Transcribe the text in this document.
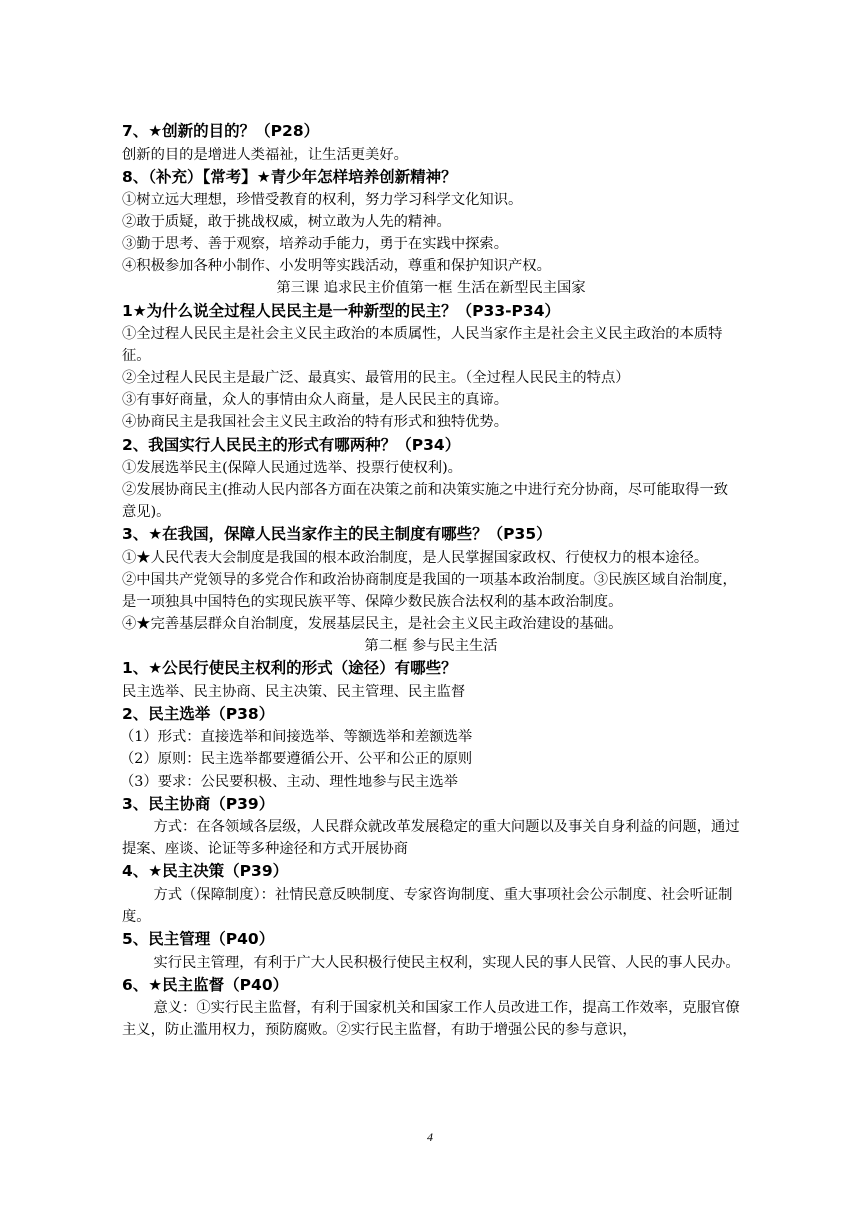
7、★创新的目的？（P28）

创新的目的是增进人类福祉，让生活更美好。

8、（补充）【常考】★青少年怎样培养创新精神？

①树立远大理想，珍惜受教育的权利，努力学习科学文化知识。

②敢于质疑，敢于挑战权威，树立敢为人先的精神。

③勤于思考、善于观察，培养动手能力，勇于在实践中探索。

④积极参加各种小制作、小发明等实践活动，尊重和保护知识产权。

第三课 追求民主价值第一框 生活在新型民主国家

1★为什么说全过程人民民主是一种新型的民主？（P33-P34）

①全过程人民民主是社会主义民主政治的本质属性，人民当家作主是社会主义民主政治的本质特征。

②全过程人民民主是最广泛、最真实、最管用的民主。（全过程人民民主的特点）

③有事好商量，众人的事情由众人商量，是人民民主的真谛。

④协商民主是我国社会主义民主政治的特有形式和独特优势。

2、我国实行人民民主的形式有哪两种？（P34）

①发展选举民主(保障人民通过选举、投票行使权利)。

②发展协商民主(推动人民内部各方面在决策之前和决策实施之中进行充分协商，尽可能取得一致意见)。

3、★在我国，保障人民当家作主的民主制度有哪些？（P35）

①★人民代表大会制度是我国的根本政治制度，是人民掌握国家政权、行使权力的根本途径。

②中国共产党领导的多党合作和政治协商制度是我国的一项基本政治制度。③民族区域自治制度，是一项独具中国特色的实现民族平等、保障少数民族合法权利的基本政治制度。

④★完善基层群众自治制度，发展基层民主，是社会主义民主政治建设的基础。

第二框 参与民主生活

1、★公民行使民主权利的形式（途径）有哪些？

民主选举、民主协商、民主决策、民主管理、民主监督

2、民主选举（P38）

（1）形式：直接选举和间接选举、等额选举和差额选举

（2）原则：民主选举都要遵循公开、公平和公正的原则

（3）要求：公民要积极、主动、理性地参与民主选举

3、民主协商（P39）

方式：在各领域各层级，人民群众就改革发展稳定的重大问题以及事关自身利益的问题，通过提案、座谈、论证等多种途径和方式开展协商

4、★民主决策（P39）

方式（保障制度）：社情民意反映制度、专家咨询制度、重大事项社会公示制度、社会听证制度。

5、民主管理（P40）

实行民主管理，有利于广大人民积极行使民主权利，实现人民的事人民管、人民的事人民办。

6、★民主监督（P40）

意义：①实行民主监督，有利于国家机关和国家工作人员改进工作，提高工作效率，克服官僚主义，防止滥用权力，预防腐败。②实行民主监督，有助于增强公民的参与意识，

4
